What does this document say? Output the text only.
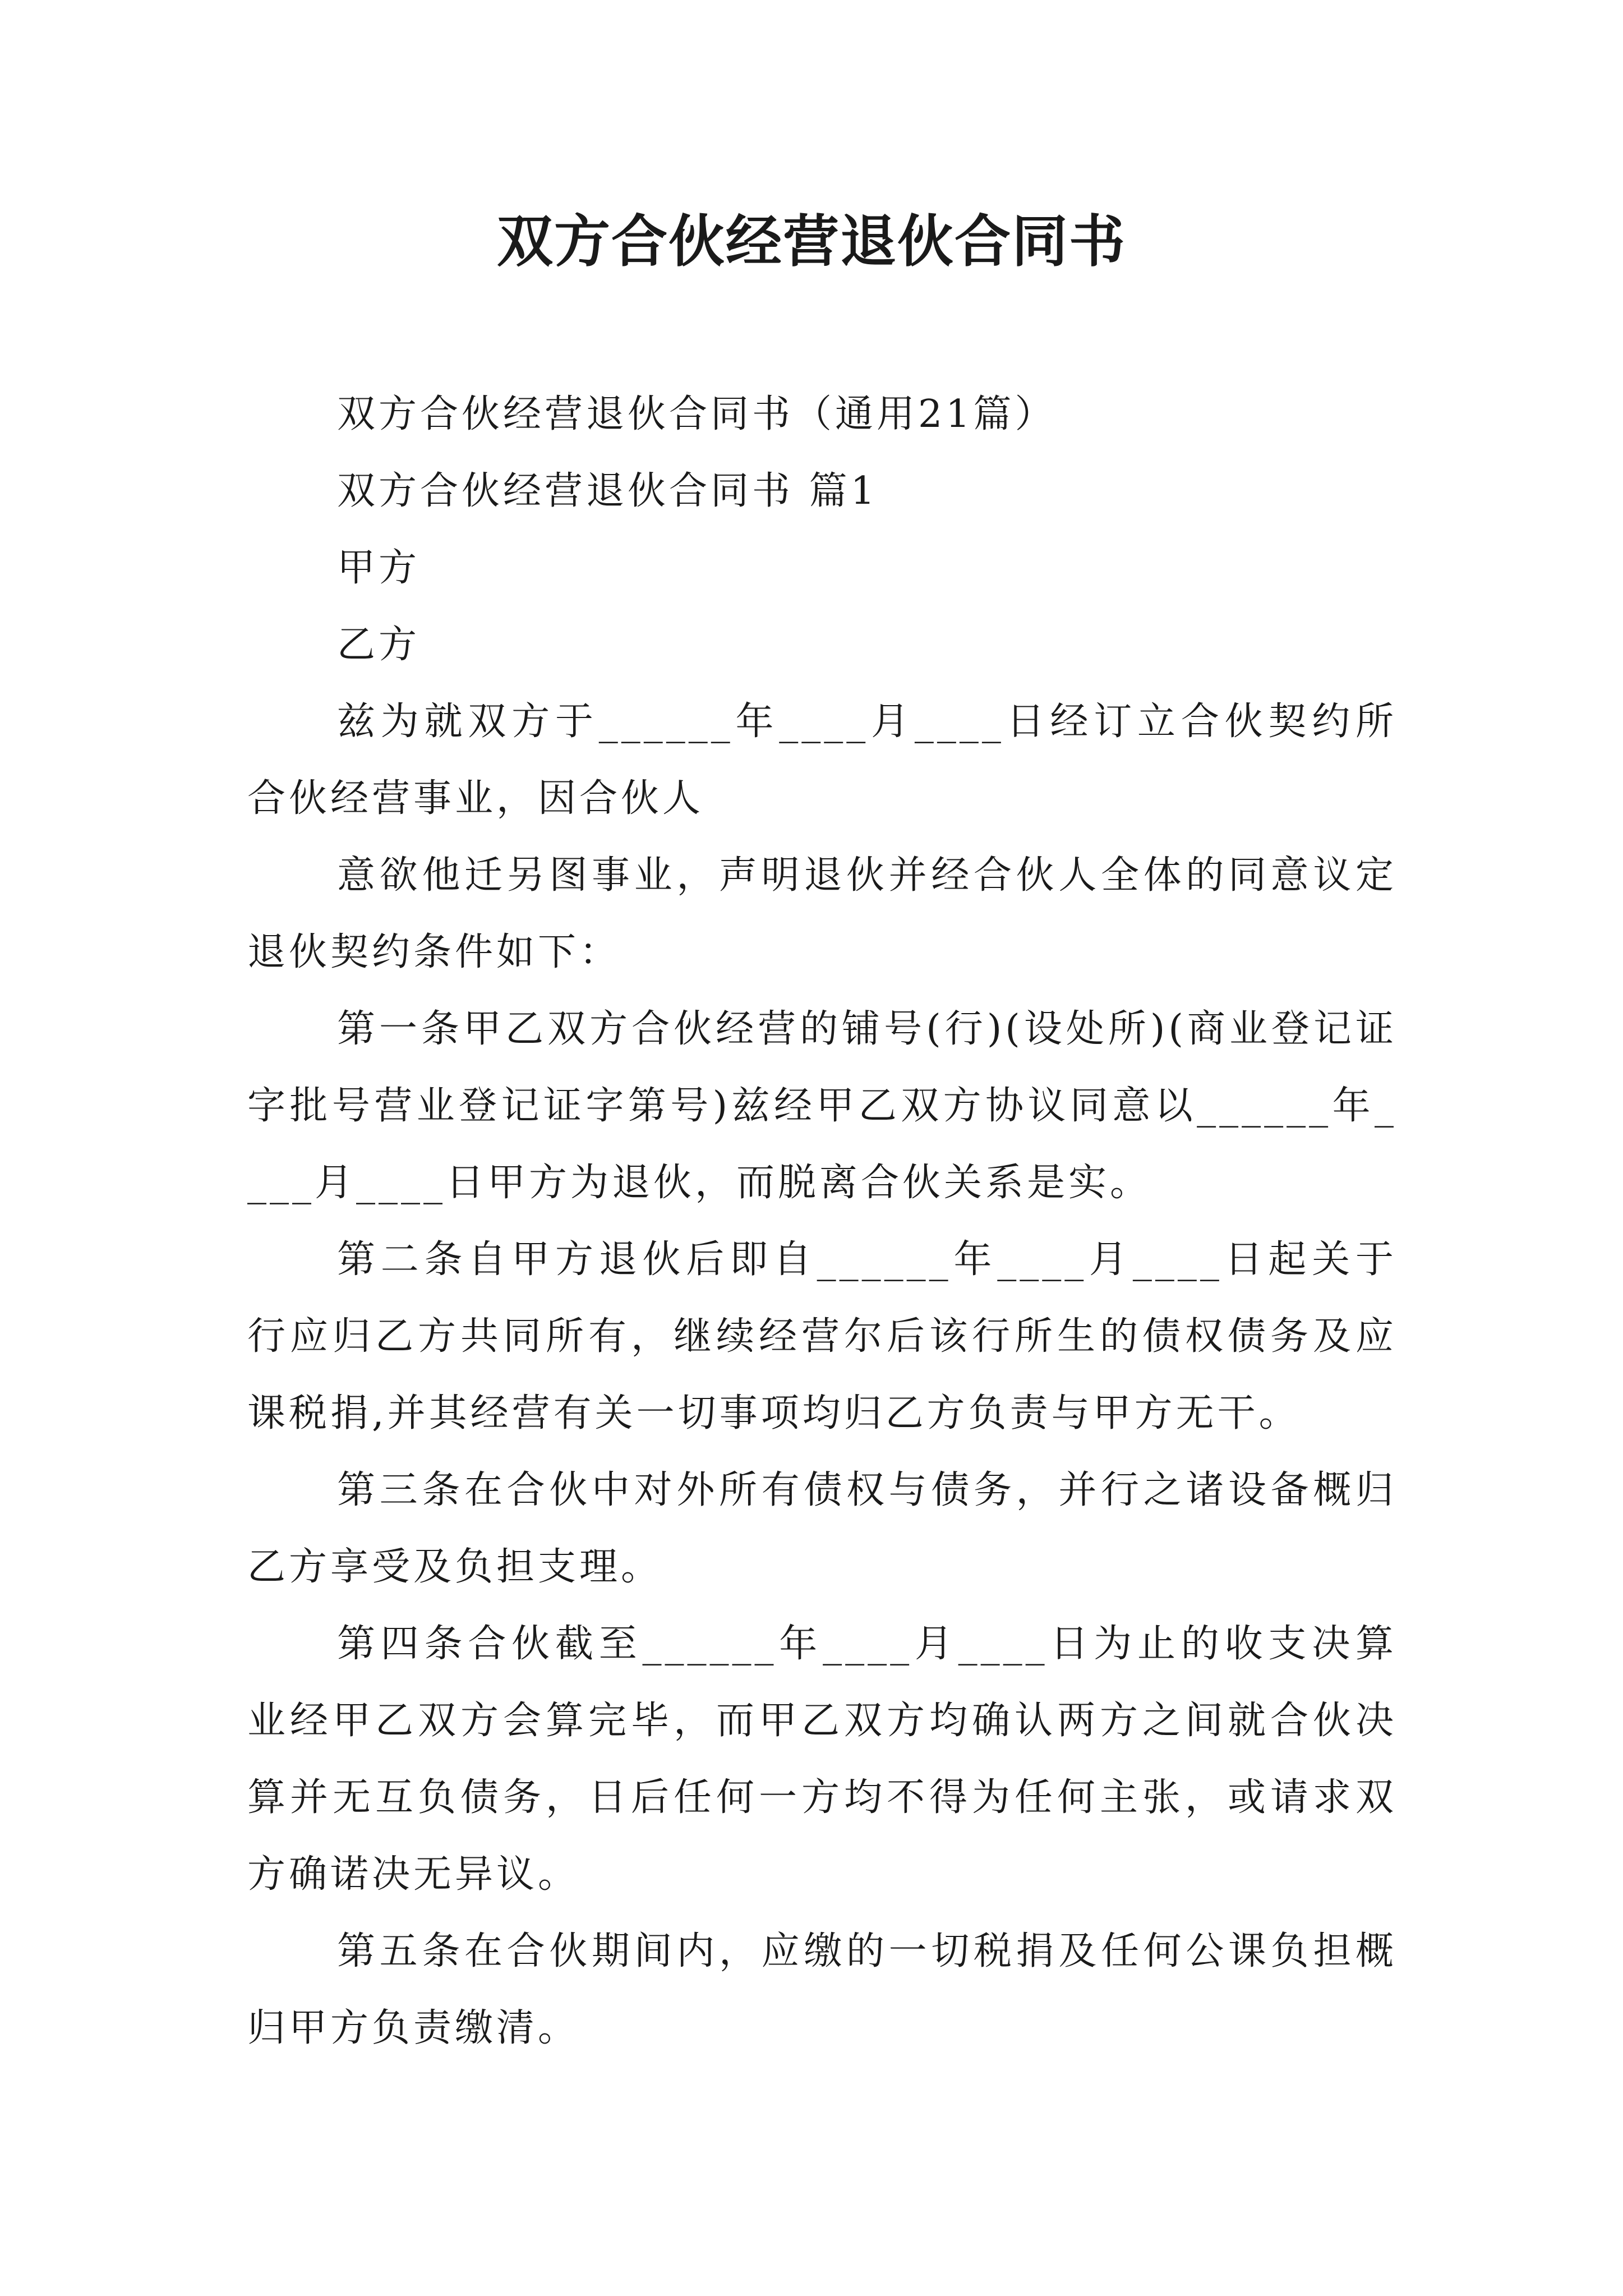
双方合伙经营退伙合同书

双方合伙经营退伙合同书（通用21篇）

双方合伙经营退伙合同书 篇1

甲方

乙方

兹为就双方于______年____月____日经订立合伙契约所合伙经营事业，因合伙人

意欲他迁另图事业，声明退伙并经合伙人全体的同意议定退伙契约条件如下：

第一条甲乙双方合伙经营的铺号(行)(设处所)(商业登记证字批号营业登记证字第号)兹经甲乙双方协议同意以______年____月____日甲方为退伙，而脱离合伙关系是实。

第二条自甲方退伙后即自______年____月____日起关于行应归乙方共同所有，继续经营尔后该行所生的债权债务及应课税捐,并其经营有关一切事项均归乙方负责与甲方无干。

第三条在合伙中对外所有债权与债务，并行之诸设备概归乙方享受及负担支理。

第四条合伙截至______年____月____日为止的收支决算业经甲乙双方会算完毕，而甲乙双方均确认两方之间就合伙决算并无互负债务，日后任何一方均不得为任何主张，或请求双方确诺决无异议。

第五条在合伙期间内，应缴的一切税捐及任何公课负担概归甲方负责缴清。
